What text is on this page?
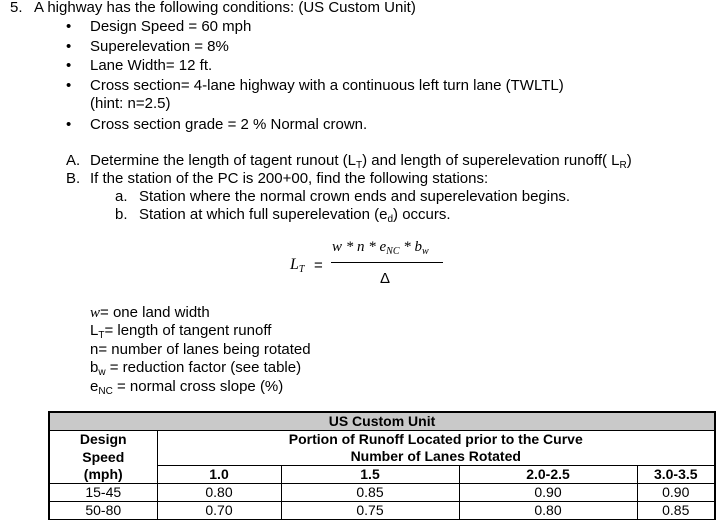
5. A highway has the following conditions: (US Custom Unit)
• Design Speed = 60 mph
• Superelevation = 8%
• Lane Width= 12 ft.
• Cross section= 4-lane highway with a continuous left turn lane (TWLTL)
(hint: n=2.5)
• Cross section grade = 2 % Normal crown.
A. Determine the length of tagent runout $(L_T)$ and length of superelevation runoff( $L_R$)
B. If the station of the PC is 200+00, find the following stations:
a. Station where the normal crown ends and superelevation begins.
b. Station at which full superelevation $(e_d)$ occurs.
$L_T$ =
w * n * $e_{NC} * b_w$
Δ
w= one land width
$L_T=$ length of tangent runoff
n= number of lanes being rotated
$b_w$ = reduction factor (see table)
$e_{NC}$ = normal cross slope (%)
US Custom Unit				
Design	Portion of Runoff Located prior to the Curve			
Speed	Number of Lanes Rotated			
(mph)	1.0	1.5	2.0-2.5	3.0-3.5
15-45	0.80	0.85	0.90	0.90
50-80	0.70	0.75	0.80	0.85
